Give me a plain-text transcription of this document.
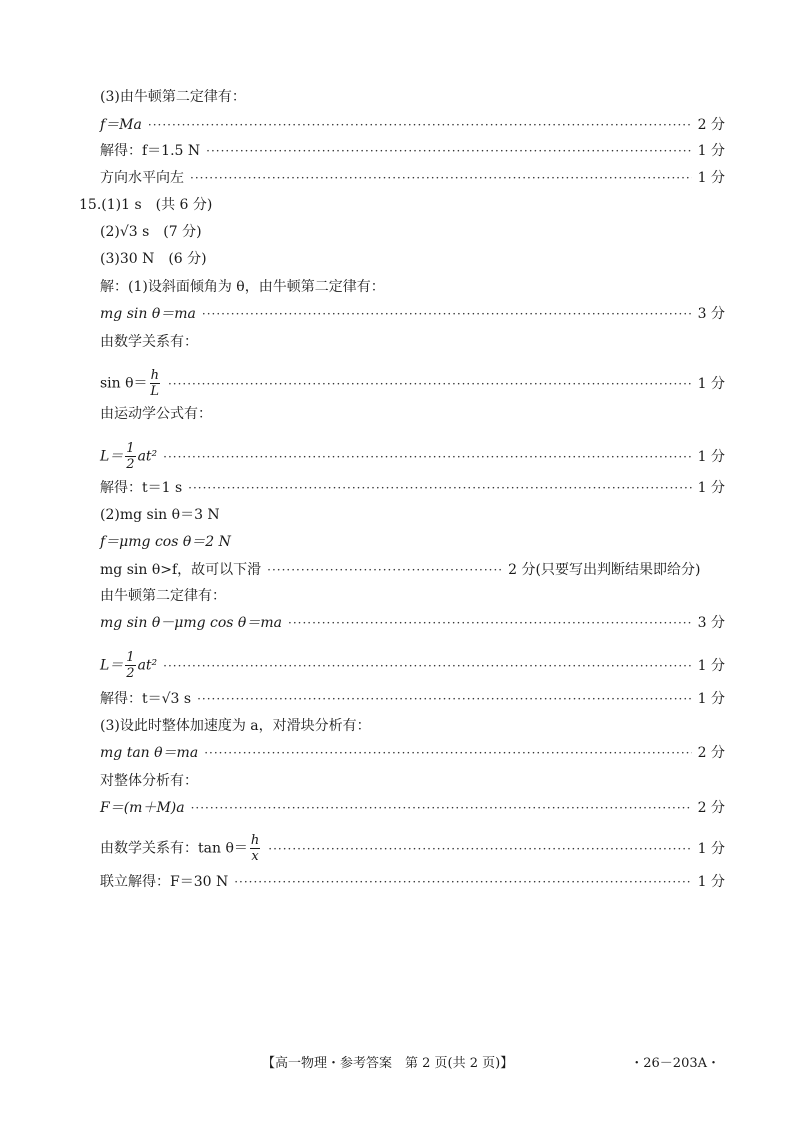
(3)由牛顿第二定律有：
f＝Ma ·····	2 分
解得：f＝1.5 N ·····	1 分
方向水平向左 ·····	1 分
15.(1)1 s　(共 6 分)
(2)√3 s　(7 分)
(3)30 N　(6 分)
解：(1)设斜面倾角为 θ，由牛顿第二定律有：
mg sin θ＝ma ·····	3 分
由数学关系有：
$\sin \theta= \frac{h}{L}$ ·····	1 分
由运动学公式有：
$L= \frac{1}{2} at^2$ ·····	1 分
解得：t＝1 s ·····	1 分
(2)mg sin θ＝3 N
f＝μmg cos θ＝2 N
mg sin θ>f，故可以下滑 ·····	2 分(只要写出判断结果即给分)
由牛顿第二定律有：
mg sin θ－μmg cos θ＝ma ·····	3 分
$L= \frac{1}{2} at^2$ ·····	1 分
解得：t＝√3 s ·····	1 分
(3)设此时整体加速度为 a，对滑块分析有：
mg tan θ＝ma ·····	2 分
对整体分析有：
F＝(m＋M)a ·····	2 分
由数学关系有：$\tan \theta= \frac{h}{x}$ ·····	1 分
联立解得：F＝30 N ·····	1 分
【高一物理・参考答案　第 2 页(共 2 页)】	・26－203A・
